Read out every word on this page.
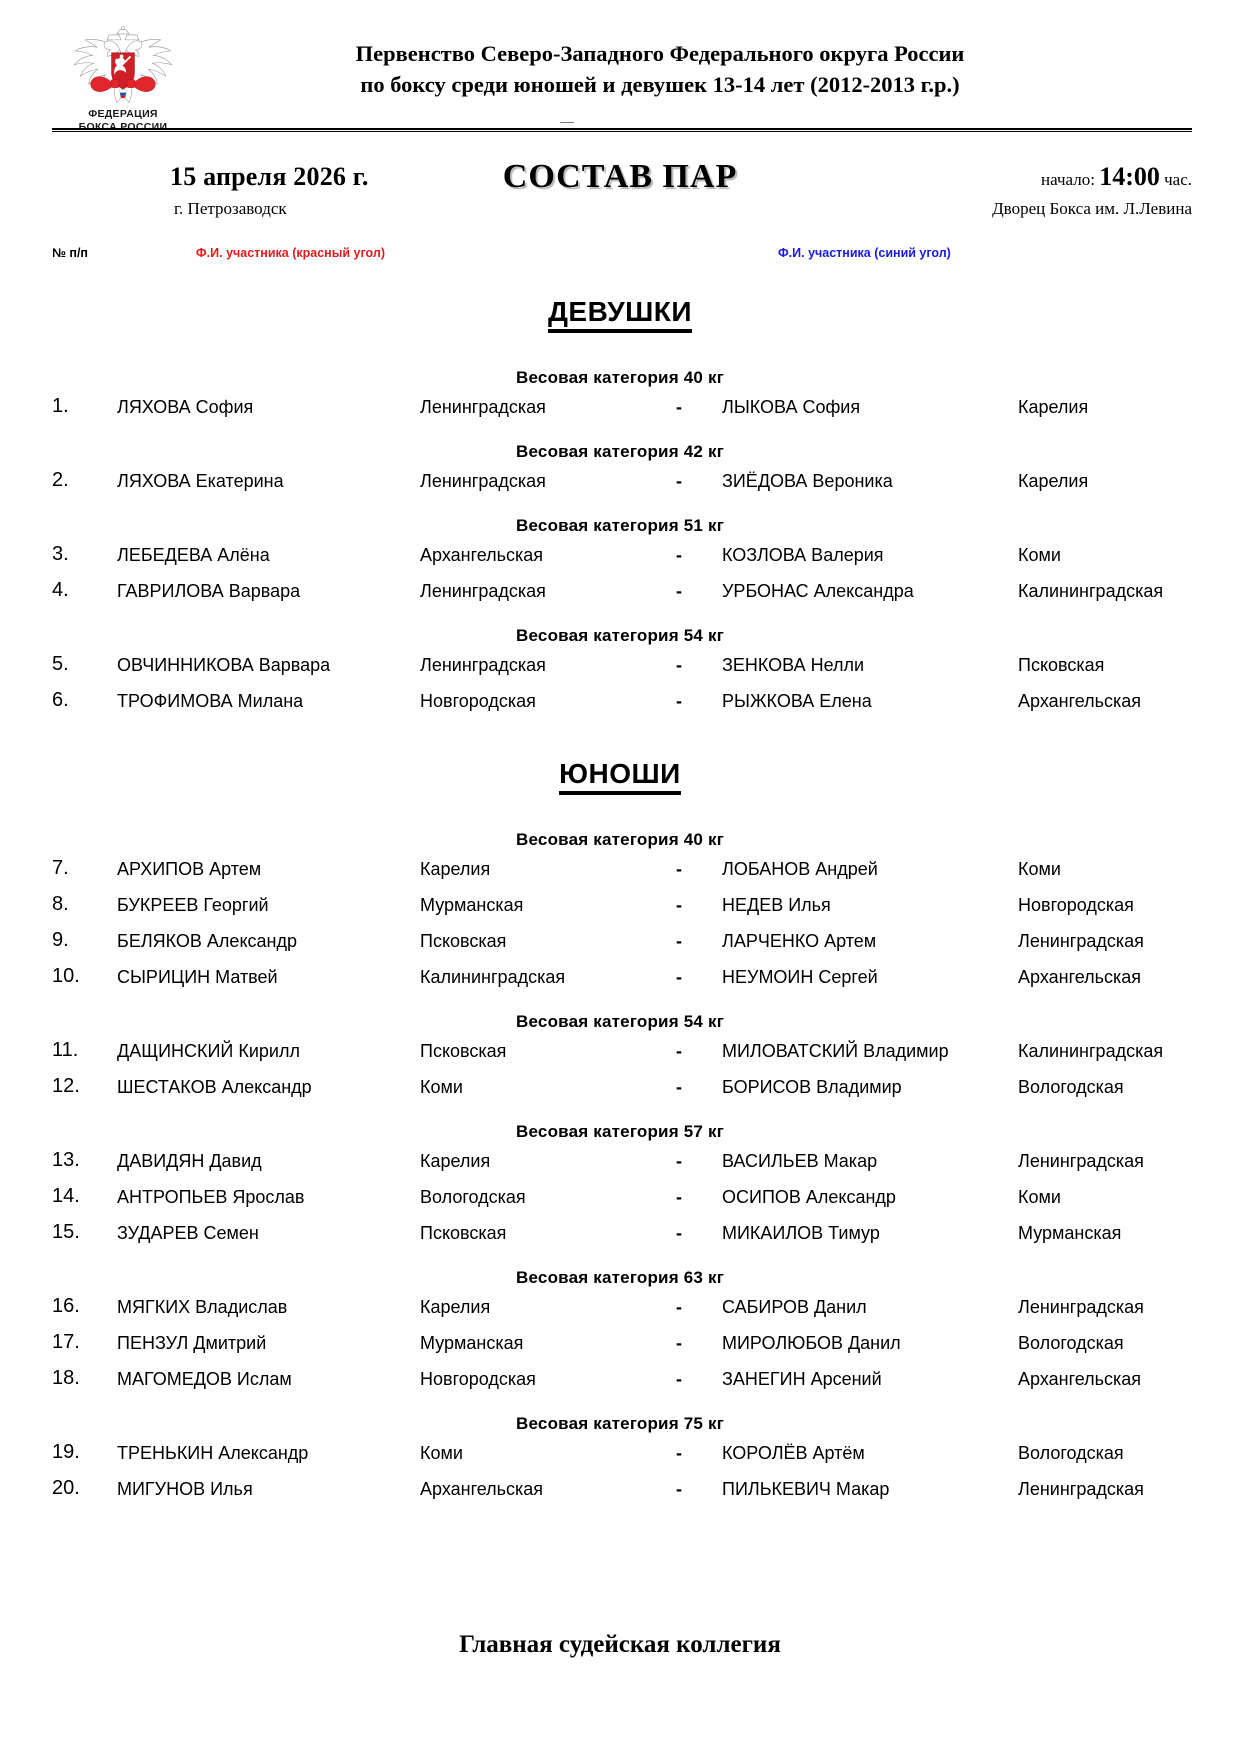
ФЕДЕРАЦИЯ
БОКСА РОССИИ
Первенство Северо-Западного Федерального округа России
по боксу среди юношей и девушек 13-14 лет (2012-2013 г.р.)
15 апреля 2026 г.
г. Петрозаводск
СОСТАВ ПАР	начало: 14:00 час.
Дворец Бокса им. Л.Левина
№ п/п	Ф.И. участника (красный угол)	Ф.И. участника (синий угол)
ДЕВУШКИ
Весовая категория 40 кг
1.	ЛЯХОВА София	Ленинградская	- ЛЫКОВА София	Карелия
Весовая категория 42 кг
2.	ЛЯХОВА Екатерина	Ленинградская	- ЗИЁДОВА Вероника	Карелия
Весовая категория 51 кг
3.	ЛЕБЕДЕВА Алёна	Архангельская	- КОЗЛОВА Валерия	Коми
4.	ГАВРИЛОВА Варвара	Ленинградская	- УРБОНАС Александра	Калининградская
Весовая категория 54 кг
5.	ОВЧИННИКОВА Варвара	Ленинградская	- ЗЕНКОВА Нелли	Псковская
6.	ТРОФИМОВА Милана	Новгородская	- РЫЖКОВА Елена	Архангельская
ЮНОШИ
Весовая категория 40 кг
7.	АРХИПОВ Артем	Карелия	- ЛОБАНОВ Андрей	Коми
8.	БУКРЕЕВ Георгий	Мурманская	- НЕДЕВ Илья	Новгородская
9.	БЕЛЯКОВ Александр	Псковская	- ЛАРЧЕНКО Артем	Ленинградская
10.	СЫРИЦИН Матвей	Калининградская	- НЕУМОИН Сергей	Архангельская
Весовая категория 54 кг
11.	ДАЩИНСКИЙ Кирилл	Псковская	- МИЛОВАТСКИЙ Владимир	Калининградская
12.	ШЕСТАКОВ Александр	Коми	- БОРИСОВ Владимир	Вологодская
Весовая категория 57 кг
13.	ДАВИДЯН Давид	Карелия	- ВАСИЛЬЕВ Макар	Ленинградская
14.	АНТРОПЬЕВ Ярослав	Вологодская	- ОСИПОВ Александр	Коми
15.	ЗУДАРЕВ Семен	Псковская	- МИКАИЛОВ Тимур	Мурманская
Весовая категория 63 кг
16.	МЯГКИХ Владислав	Карелия	- САБИРОВ Данил	Ленинградская
17.	ПЕНЗУЛ Дмитрий	Мурманская	- МИРОЛЮБОВ Данил	Вологодская
18.	МАГОМЕДОВ Ислам	Новгородская	- ЗАНЕГИН Арсений	Архангельская
Весовая категория 75 кг
19.	ТРЕНЬКИН Александр	Коми	- КОРОЛЁВ Артём	Вологодская
20.	МИГУНОВ Илья	Архангельская	- ПИЛЬКЕВИЧ Макар	Ленинградская
Главная судейская коллегия
